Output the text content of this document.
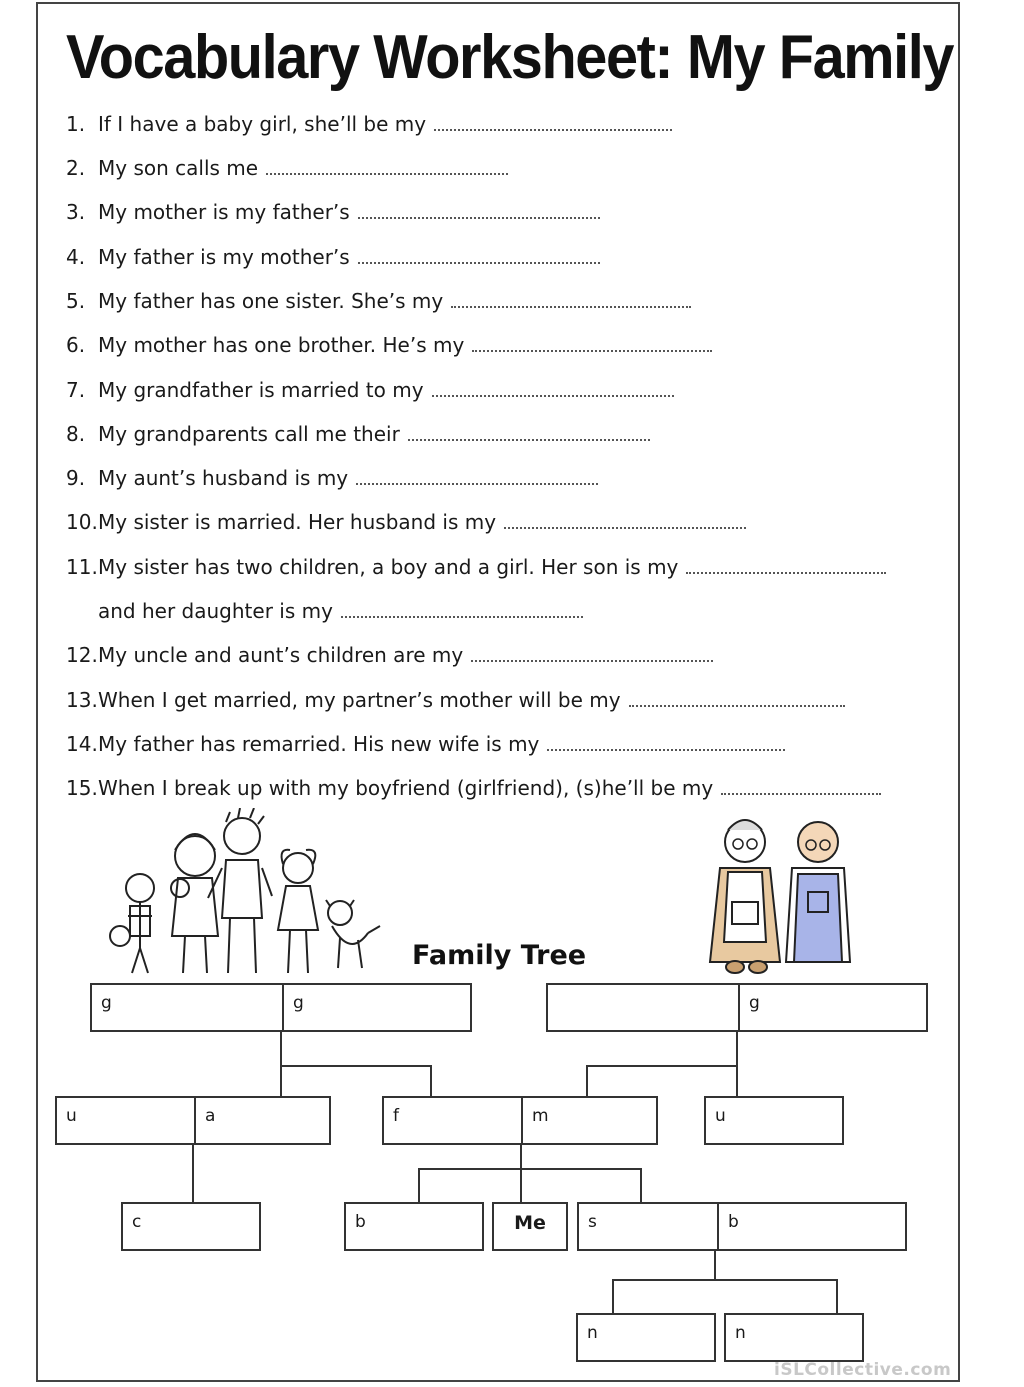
Vocabulary Worksheet: My Family
1. If I have a baby girl, she’ll be my
2. My son calls me
3. My mother is my father’s
4. My father is my mother’s
5. My father has one sister. She’s my
6. My mother has one brother. He’s my
7. My grandfather is married to my
8. My grandparents call me their
9. My aunt’s husband is my
10.My sister is married. Her husband is my
11.My sister has two children, a boy and a girl. Her son is my
and her daughter is my
12.My uncle and aunt’s children are my
13.When I get married, my partner’s mother will be my
14.My father has remarried. His new wife is my
15.When I break up with my boyfriend (girlfriend), (s)he’ll be my
Family Tree
g	g	g
u	a	f	m	u
c	b	Me	s	b
n	n
iSLCollective.com
